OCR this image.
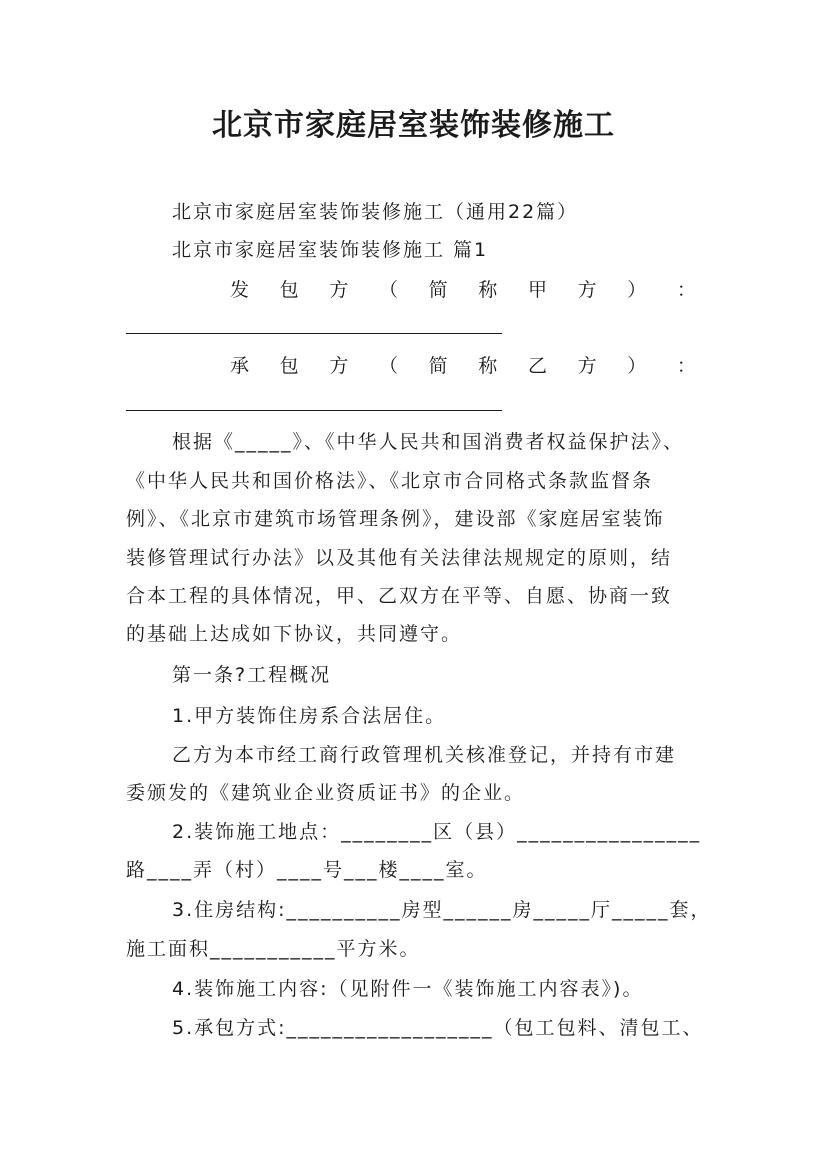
北京市家庭居室装饰装修施工
北京市家庭居室装饰装修施工（通用22篇）
北京市家庭居室装饰装修施工 篇1
发 包 方 （ 简 称 甲 方 ） ：
承 包 方 （ 简 称 乙 方 ） ：
根据《_____》、《中华人民共和国消费者权益保护法》、
《中华人民共和国价格法》、《北京市合同格式条款监督条
例》、《北京市建筑市场管理条例》，建设部《家庭居室装饰
装修管理试行办法》以及其他有关法律法规规定的原则，结
合本工程的具体情况，甲、乙双方在平等、自愿、协商一致
的基础上达成如下协议，共同遵守。
第一条?工程概况
1.甲方装饰住房系合法居住。
乙方为本市经工商行政管理机关核准登记，并持有市建
委颁发的《建筑业企业资质证书》的企业。
2.装饰施工地点：________区（县）________________
路____弄（村）____号___楼____室。
3.住房结构:__________房型______房_____厅_____套，
施工面积___________平方米。
4.装饰施工内容:（见附件一《装饰施工内容表》)。
5.承包方式:__________________（包工包料、清包工、
